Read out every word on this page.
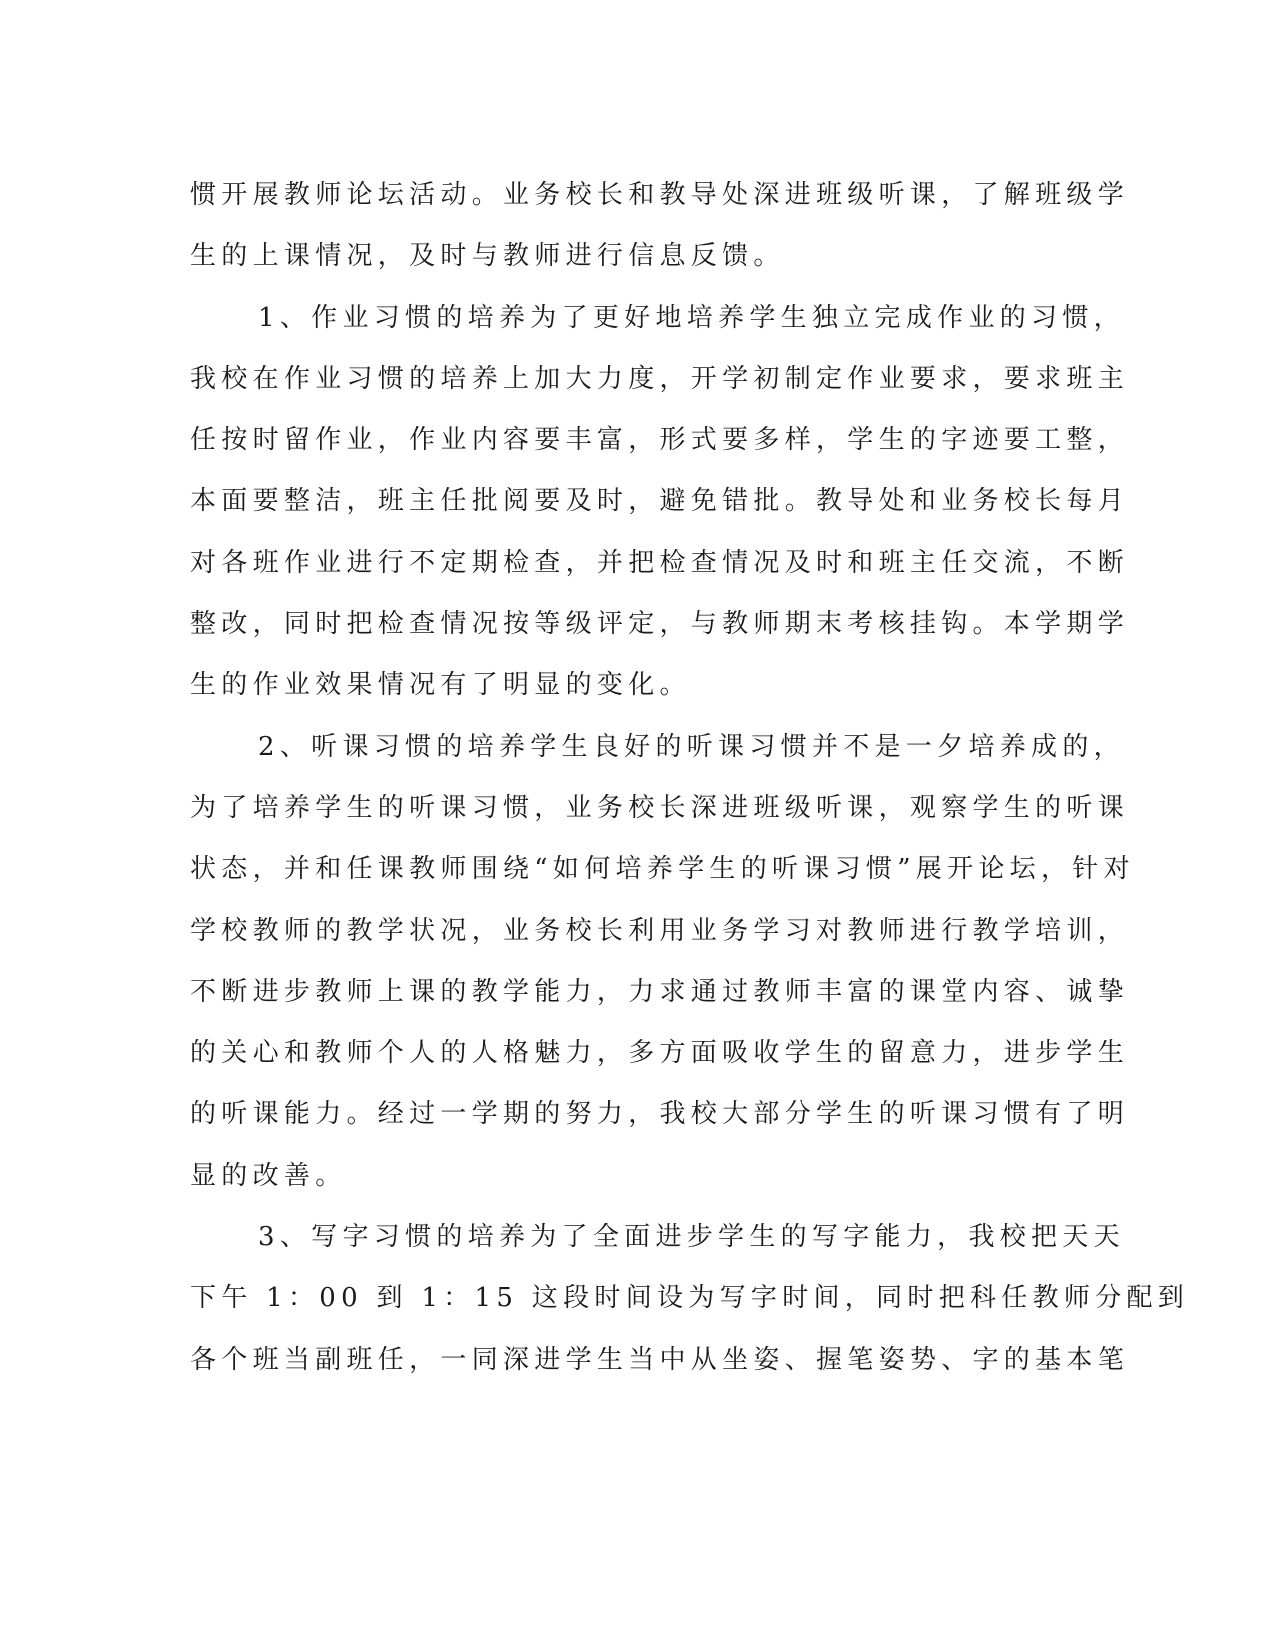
惯开展教师论坛活动。业务校长和教导处深进班级听课，了解班级学
生的上课情况，及时与教师进行信息反馈。
1、作业习惯的培养为了更好地培养学生独立完成作业的习惯，
我校在作业习惯的培养上加大力度，开学初制定作业要求，要求班主
任按时留作业，作业内容要丰富，形式要多样，学生的字迹要工整，
本面要整洁，班主任批阅要及时，避免错批。教导处和业务校长每月
对各班作业进行不定期检查，并把检查情况及时和班主任交流，不断
整改，同时把检查情况按等级评定，与教师期末考核挂钩。本学期学
生的作业效果情况有了明显的变化。
2、听课习惯的培养学生良好的听课习惯并不是一夕培养成的，
为了培养学生的听课习惯，业务校长深进班级听课，观察学生的听课
状态，并和任课教师围绕“如何培养学生的听课习惯”展开论坛，针对
学校教师的教学状况，业务校长利用业务学习对教师进行教学培训，
不断进步教师上课的教学能力，力求通过教师丰富的课堂内容、诚挚
的关心和教师个人的人格魅力，多方面吸收学生的留意力，进步学生
的听课能力。经过一学期的努力，我校大部分学生的听课习惯有了明
显的改善。
3、写字习惯的培养为了全面进步学生的写字能力，我校把天天
下午 1：00 到 1：15 这段时间设为写字时间，同时把科任教师分配到
各个班当副班任，一同深进学生当中从坐姿、握笔姿势、字的基本笔
